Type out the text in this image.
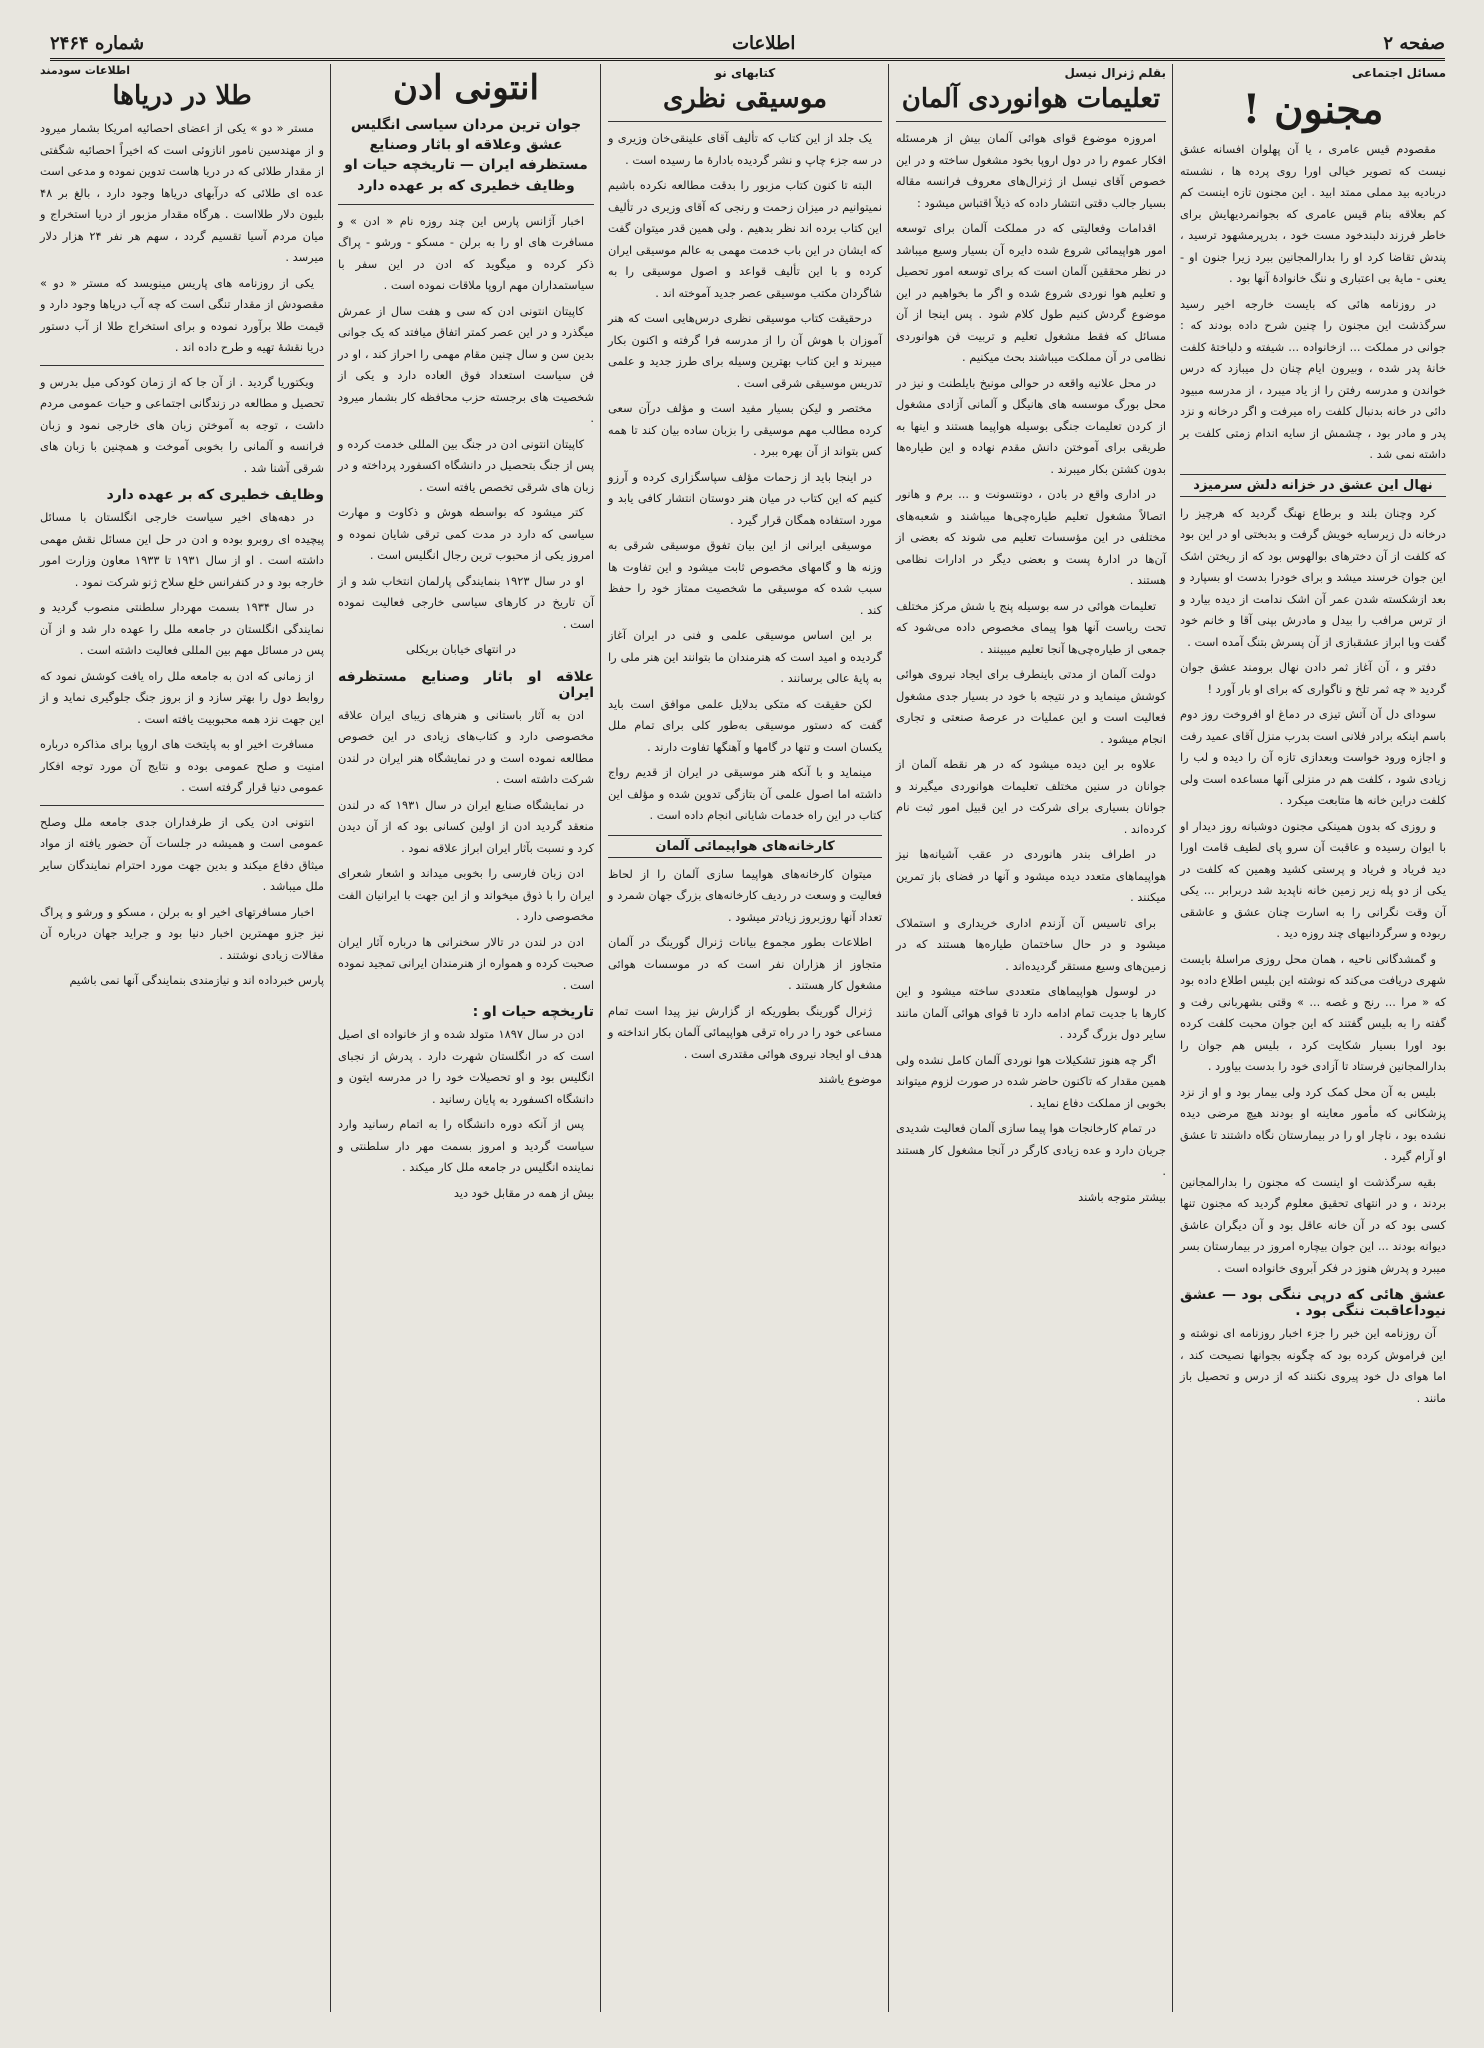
صفحه ۲
اطلاعات
شماره ۲۴۶۴
مسائل اجتماعی
مجنون !

مقصودم قیس عامری ، یا آن پهلوان افسانه عشق نیست که تصویر خیالی اورا روی پرده ها ، نشسته دربادیه بید مملی ممتد ابید . این مجنون تازه اینست کم کم بعلاقه بنام قیس عامری که بجوانمردیهایش برای خاطر فرزند دلبندخود مست خود ، بدرپرمشهود ترسید ، پندش تقاضا کرد او را بدارالمجانین ببرد زیرا جنون او - یعنی - مایهٔ بی اعتباری و ننگ خانوادهٔ آنها بود .

در روزنامه هائی که بایست خارجه اخیر رسید سرگذشت این مجنون را چنین شرح داده بودند که : جوانی در مملکت ... ازخانواده ... شیفته و دلباختهٔ کلفت خانهٔ پدر شده ، وبیرون ایام چنان دل میبازد که درس خواندن و مدرسه رفتن را از یاد میبرد ، از مدرسه مبیود دائی در خانه بدنبال کلفت راه میرفت و اگر درخانه و نزد پدر و مادر بود ، چشمش از سایه اندام زمتی کلفت بر داشته نمی شد .

نهال این عشق در خزانه دلش سرمیزد

کرد وچنان بلند و برطاع نهنگ گردید که هرچیز را درخانه دل زیرسایه خویش گرفت و بدبختی او در این بود که کلفت از آن دخترهای بوالهوس بود که از ریختن اشک این جوان خرسند میشد و برای خودرا بدست او بسپارد و بعد ازشکسته شدن عمر آن اشک ندامت از دیده بیارد و از ترس مرافب را بیدل و مادرش بپنی آقا و خانم خود گفت وبا ابراز عشقبازی از آن پسرش بتنگ آمده است .

دفتر و ، آن آغاز ثمر دادن نهال برومند عشق جوان گردید « چه ثمر تلخ و ناگواری که برای او بار آورد !

سوداى دل آن آتش تیزی در دماغ او افروخت روز دوم باسم اینکه برادر فلانی است بدرب منزل آقای عمید رفت و اجازه ورود خواست وبعدازی تازه آن را دیده و لب را زیادی شود ، کلفت هم در منزلی آنها مساعده است ولی کلفت دراین خانه ها متابعت میکرد .

و روزی که بدون همینکی مجنون دوشبانه روز دیدار او با ایوان رسیده و عاقبت آن سرو پای لطیف قامت اورا دید فریاد و فریاد و پرستی کشید وهمین که کلفت در یکی از دو پله زیر زمین خانه ناپدید شد دربرابر ... یکی آن وقت نگرانی را به اسارت چنان عشق و عاشقی ربوده و سرگردانیهای چند روزه دید .

و گمشدگانی ناحیه ، همان محل روزی مراسلهٔ بایست شهری دریافت می‌کند که نوشته این بلیس اطلاع داده بود که « مرا ... رنج و غصه ... » وقتی بشهربانی رفت و گفته را به بلیس گفتند که این جوان محبت کلفت کرده بود اورا بسیار شکایت کرد ، بلیس هم جوان را بدارالمجانین فرستاد تا آزادی خود را بدست بیاورد .

بلیس به آن محل کمک کرد ولی بیمار بود و او از نزد پزشکانی که مأمور معاینه او بودند هیچ مرضی دیده نشده بود ، ناچار او را در بیمارستان نگاه داشتند تا عشق او آرام گیرد .

بقیه سرگذشت او اینست که مجنون را بدارالمجانین بردند ، و در انتهای تحقیق معلوم گردید که مجنون تنها کسی بود که در آن خانه عاقل بود و آن دیگران عاشق دیوانه بودند ... این جوان بیچاره امروز در بیمارستان بسر میبرد و پدرش هنوز در فکر آبروی خانواده است .

عشق هائی که درپی ننگی بود — عشق نیوداعاقبت ننگی بود .

آن روزنامه این خبر را جزء اخبار روزنامه ای نوشته و این فراموش کرده بود که چگونه بجوانها نصیحت کند ، اما هوای دل خود پیروی نکنند که از درس و تحصیل باز مانند .

بقلم ژنرال نیسل
تعلیمات هوانوردی آلمان

امروزه موضوع قوای هوائی آلمان بیش از هرمسئله افکار عموم را در دول اروپا بخود مشغول ساخته و در این خصوص آقای نیسل از ژنرال‌های معروف فرانسه مقاله بسیار جالب دقتی انتشار داده که ذیلاً اقتباس میشود :

اقدامات وفعالیتی که در مملکت آلمان برای توسعه امور هواپیمائی شروع شده دایره آن بسیار وسیع میباشد در نظر محققین آلمان است که برای توسعه امور تحصیل و تعلیم هوا نوردی شروع شده و اگر ما بخواهیم در این موضوع گردش کنیم طول کلام شود . پس اینجا از آن مسائل که فقط مشغول تعلیم و تربیت فن هوانوردی نظامی در آن مملکت میباشند بحث میکنیم .

در محل علانیه واقعه در حوالی مونیخ بایلطنت و نیز در محل بورگ موسسه های هانیگل و آلمانی آزادی مشغول از کردن تعلیمات جنگی بوسیله هواپیما هستند و اینها به طریقی برای آموختن دانش مقدم نهاده و این طیاره‌ها بدون کشتن بکار میبرند .

در اداری واقع در بادن ، دونتسونت و ... برم و هانور اتصالاً مشغول تعلیم طیاره‌چی‌ها میباشند و شعبه‌های مختلفی در این مؤسسات تعلیم می شوند که بعضی از آن‌ها در ادارهٔ پست و بعضی دیگر در ادارات نظامی هستند .

تعلیمات هوائی در سه بوسیله پنج یا شش مرکز مختلف تحت ریاست آنها هوا پیمای مخصوص داده می‌شود که جمعی از طیاره‌چی‌ها آنجا تعلیم میبینند .

دولت آلمان از مدتی باینطرف برای ایجاد نیروی هوائی کوشش مینماید و در نتیجه با خود در بسیار جدی مشغول فعالیت است و این عملیات در عرصهٔ صنعتی و تجاری انجام میشود .

علاوه بر این دیده میشود که در هر نقطه آلمان از جوانان در سنین مختلف تعلیمات هوانوردی میگیرند و جوانان بسیاری برای شرکت در این قبیل امور ثبت نام کرده‌اند .

در اطراف بندر هانوردی در عقب آشیانه‌ها نیز هواپیماهای متعدد دیده میشود و آنها در فضای باز تمرین میکنند .

برای تاسیس آن آزندم اداری خریداری و استملاک میشود و در حال ساختمان طیاره‌ها هستند که در زمین‌های وسیع مستقر گردیده‌اند .

در لوسول هواپیماهای متعددی ساخته میشود و این کارها با جدیت تمام ادامه دارد تا قوای هوائی آلمان مانند سایر دول بزرگ گردد .

اگر چه هنوز تشکیلات هوا نوردی آلمان کامل نشده ولی همین مقدار که تاکنون حاضر شده در صورت لزوم میتواند بخوبی از مملکت دفاع نماید .

در تمام کارخانجات هوا پیما سازی آلمان فعالیت شدیدی جریان دارد و عده زیادی کارگر در آنجا مشغول کار هستند .

بیشتر متوجه باشند
کتابهای نو
موسیقی نظری

یک جلد از این کتاب که تألیف آقای علینقی‌خان وزیری و در سه جزء چاپ و نشر گردیده بادارهٔ ما رسیده است .

البته تا کنون کتاب مزبور را بدقت مطالعه نکرده باشیم نمیتوانیم در میزان زحمت و رنجی که آقای وزیری در تألیف این کتاب برده اند نظر بدهیم . ولی همین قدر میتوان گفت که ایشان در این باب خدمت مهمی به عالم موسیقی ایران کرده و با این تألیف قواعد و اصول موسیقی را به شاگردان مکتب موسیقی عصر جدید آموخته اند .

درحقیقت کتاب موسیقی نظری درس‌هایی است که هنر آموزان با هوش آن را از مدرسه فرا گرفته و اکنون بکار میبرند و این کتاب بهترین وسیله برای طرز جدید و علمی تدریس موسیقی شرقی است .

مختصر و لیکن بسیار مفید است و مؤلف درآن سعی کرده مطالب مهم موسیقی را بزبان ساده بیان کند تا همه کس بتواند از آن بهره ببرد .

در اینجا باید از زحمات مؤلف سپاسگزاری کرده و آرزو کنیم که این کتاب در میان هنر دوستان انتشار کافی یابد و مورد استفاده همگان قرار گیرد .

موسیقی ایرانی از این بیان تفوق موسیقی شرقی به وزنه ها و گامهای مخصوص ثابت میشود و این تفاوت ها سبب شده که موسیقی ما شخصیت ممتاز خود را حفظ کند .

بر این اساس موسیقی علمی و فنی در ایران آغاز گردیده و امید است که هنرمندان ما بتوانند این هنر ملی را به پایهٔ عالی برسانند .

لکن حقیقت که متکی بدلایل علمی موافق است باید گفت که دستور موسیقی به‌طور کلی برای تمام ملل یکسان است و تنها در گامها و آهنگها تفاوت دارند .

مینماید و با آنکه هنر موسیقی در ایران از قدیم رواج داشته اما اصول علمی آن بتازگی تدوین شده و مؤلف این کتاب در این راه خدمات شایانی انجام داده است .

کارخانه‌های هواپیمائی آلمان

میتوان کارخانه‌های هواپیما سازی آلمان را از لحاظ فعالیت و وسعت در ردیف کارخانه‌های بزرگ جهان شمرد و تعداد آنها روزبروز زیادتر میشود .

اطلاعات بطور مجموع بیانات ژنرال گورینگ در آلمان متجاوز از هزاران نفر است که در موسسات هوائی مشغول کار هستند .

ژنرال گورینگ بطوریکه از گزارش نیز پیدا است تمام مساعی خود را در راه ترقی هواپیمائی آلمان بکار انداخته و هدف او ایجاد نیروی هوائی مقتدری است .

موضوع یاشند
انتونی ادن
جوان ترین مردان سیاسی انگلیس عشق وعلاقه او باثار وصنایع مستظرفه ایران — تاریخچه حیات او وظایف خطیری که بر عهده دارد

اخبار آژانس پارس این چند روزه نام « ادن » و مسافرت های او را به برلن - مسکو - ورشو - پراگ ذکر کرده و میگوید که ادن در این سفر با سیاستمداران مهم اروپا ملاقات نموده است .

کاپیتان انتونی ادن که سی و هفت سال از عمرش میگذرد و در این عصر کمتر اتفاق میافتد که یک جوانی بدین سن و سال چنین مقام مهمی را احراز کند ، او در فن سیاست استعداد فوق العاده دارد و یکی از شخصیت های برجسته حزب محافظه کار بشمار میرود .

کاپیتان انتونی ادن در جنگ بین المللی خدمت کرده و پس از جنگ بتحصیل در دانشگاه اکسفورد پرداخته و در زبان های شرقی تخصص یافته است .

کتر میشود که بواسطه هوش و ذکاوت و مهارت سیاسی که دارد در مدت کمی ترقی شایان نموده و امروز یکی از محبوب ترین رجال انگلیس است .

او در سال ۱۹۲۳ بنمایندگی پارلمان انتخاب شد و از آن تاریخ در کارهای سیاسی خارجی فعالیت نموده است .

در انتهای خیابان بریکلی

علاقه او باثار وصنایع مستظرفه ایران

ادن به آثار باستانی و هنرهای زیبای ایران علاقه مخصوصی دارد و کتاب‌های زیادی در این خصوص مطالعه نموده است و در نمایشگاه هنر ایران در لندن شرکت داشته است .

در نمایشگاه صنایع ایران در سال ۱۹۳۱ که در لندن منعقد گردید ادن از اولین کسانی بود که از آن دیدن کرد و نسبت بآثار ایران ابراز علاقه نمود .

ادن زبان فارسی را بخوبی میداند و اشعار شعرای ایران را با ذوق میخواند و از این جهت با ایرانیان الفت مخصوصی دارد .

ادن در لندن در تالار سخنرانی ها درباره آثار ایران صحبت کرده و همواره از هنرمندان ایرانی تمجید نموده است .

تاریخچه حیات او :

ادن در سال ۱۸۹۷ متولد شده و از خانواده ای اصیل است که در انگلستان شهرت دارد . پدرش از نجبای انگلیس بود و او تحصیلات خود را در مدرسه ایتون و دانشگاه اکسفورد به پایان رسانید .

پس از آنکه دوره دانشگاه را به اتمام رسانید وارد سیاست گردید و امروز بسمت مهر دار سلطنتی و نماینده انگلیس در جامعه ملل کار میکند .

بیش از همه در مقابل خود دید
اطلاعات سودمند
طلا در دریاها

مستر « دو » یکی از اعضای احصائیه امریکا بشمار میرود و از مهندسین نامور انازوئی است که اخیراً احصائیه شگفتی از مقدار طلائی که در دریا هاست تدوین نموده و مدعی است عده ای طلائی که درآبهای دریاها وجود دارد ، بالغ بر ۴۸ بلیون دلار طلااست . هرگاه مقدار مزبور از دریا استخراج و میان مردم آسیا تقسیم گردد ، سهم هر نفر ۲۴ هزار دلار میرسد .

یکی از روزنامه های پاریس مینویسد که مستر « دو » مقصودش از مقدار تنگی است که چه آب دریاها وجود دارد و قیمت طلا برآورد نموده و برای استخراج طلا از آب دستور دریا نقشهٔ تهیه و طرح داده اند .

ویکتوریا گردید . از آن جا که از زمان کودکی میل بدرس و تحصیل و مطالعه در زندگانی اجتماعی و حیات عمومی مردم داشت ، توجه به آموختن زبان های خارجی نمود و زبان فرانسه و آلمانی را بخوبی آموخت و همچنین با زبان های شرقی آشنا شد .

وظایف خطیری که بر عهده دارد

در دهه‌های اخیر سیاست خارجی انگلستان با مسائل پیچیده ای روبرو بوده و ادن در حل این مسائل نقش مهمی داشته است . او از سال ۱۹۳۱ تا ۱۹۳۳ معاون وزارت امور خارجه بود و در کنفرانس خلع سلاح ژنو شرکت نمود .

در سال ۱۹۳۴ بسمت مهردار سلطنتی منصوب گردید و نمایندگی انگلستان در جامعه ملل را عهده دار شد و از آن پس در مسائل مهم بین المللی فعالیت داشته است .

از زمانی که ادن به جامعه ملل راه یافت کوشش نمود که روابط دول را بهتر سازد و از بروز جنگ جلوگیری نماید و از این جهت نزد همه محبوبیت یافته است .

مسافرت اخیر او به پایتخت های اروپا برای مذاکره درباره امنیت و صلح عمومی بوده و نتایج آن مورد توجه افکار عمومی دنیا قرار گرفته است .

انتونی ادن یکی از طرفداران جدی جامعه ملل وصلح عمومی است و همیشه در جلسات آن حضور یافته از مواد میثاق دفاع میکند و بدین جهت مورد احترام نمایندگان سایر ملل میباشد .

اخبار مسافرتهای اخیر او به برلن ، مسکو و ورشو و پراگ نیز جزو مهمترین اخبار دنیا بود و جراید جهان درباره آن مقالات زیادی نوشتند .

پارس خبرداده اند و نیازمندی بنمایندگی آنها نمی باشیم
